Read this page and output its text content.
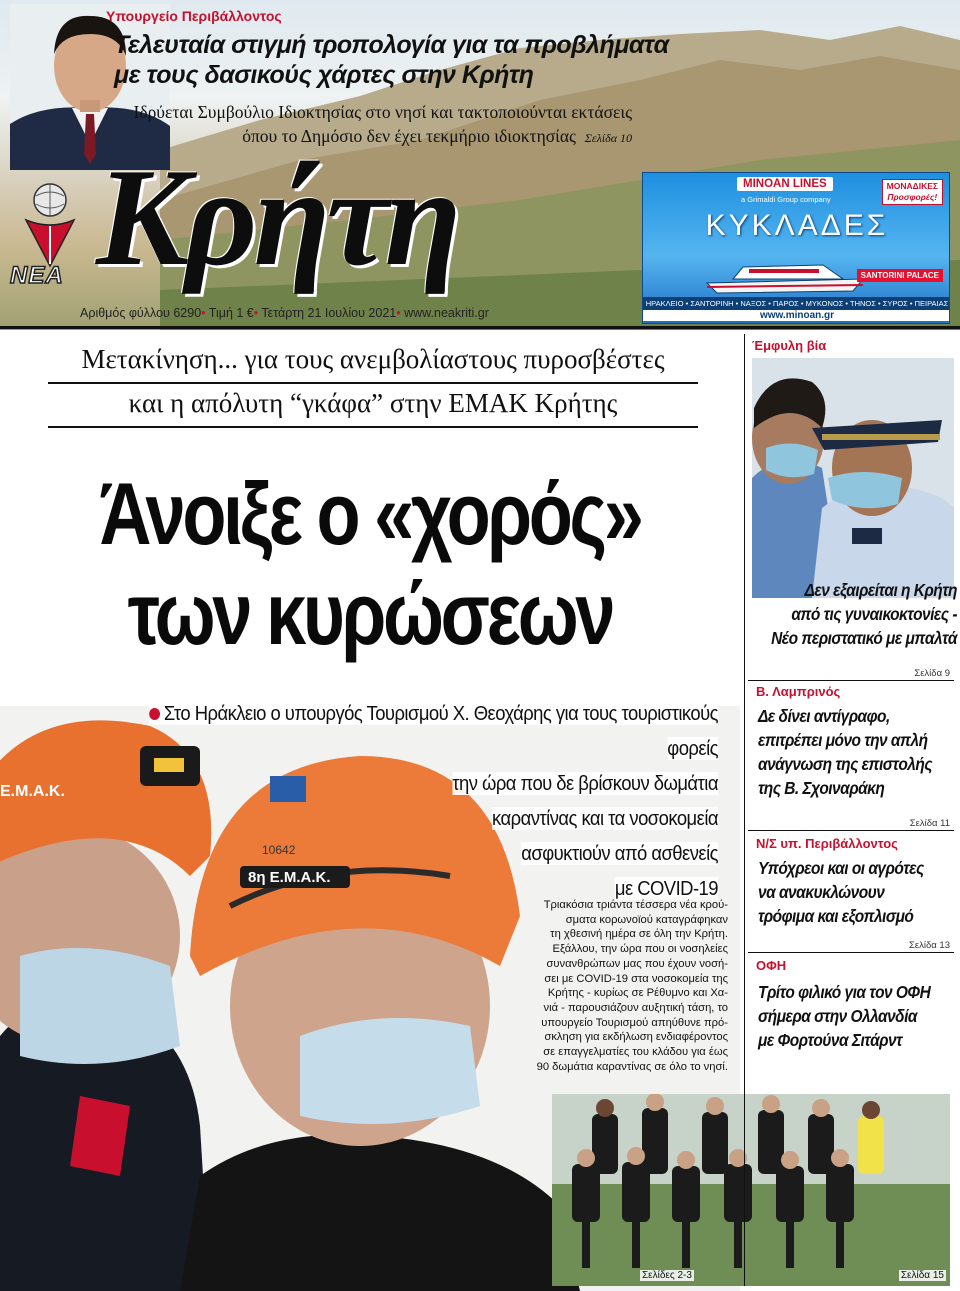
Υπουργείο Περιβάλλοντος
Τελευταία στιγμή τροπολογία για τα προβλήματα
με τους δασικούς χάρτες στην Κρήτη
Ιδρύεται Συμβούλιο Ιδιοκτησίας στο νησί και τακτοποιούνται εκτάσεις
όπου το Δημόσιο δεν έχει τεκμήριο ιδιοκτησίας Σελίδα 10
ΝΕΑ Κρήτη
Αριθμός φύλλου 6290• Τιμή 1 €• Τετάρτη 21 Ιουλίου 2021• www.neakriti.gr
MINOAN LINES
a Grimaldi Group company
ΜΟΝΑΔΙΚΕΣ
Προσφορές!
ΚΥΚΛΑΔΕΣ
SANTORINI PALACE
ΗΡΑΚΛΕΙΟ • ΣΑΝΤΟΡΙΝΗ • ΝΑΞΟΣ • ΠΑΡΟΣ • ΜΥΚΟΝΟΣ • ΤΗΝΟΣ • ΣΥΡΟΣ • ΠΕΙΡΑΙΑΣ
www.minoan.gr
Μετακίνηση... για τους ανεμβολίαστους πυροσβέστες
και η απόλυτη “γκάφα” στην ΕΜΑΚ Κρήτης
Άνοιξε ο «χορός»
των κυρώσεων
8η Ε.Μ.Α.Κ.
10642
Ε.Μ.Α.Κ.
Στο Ηράκλειο ο υπουργός Τουρισμού Χ. Θεοχάρης για τους τουριστικούς φορείς
την ώρα που δε βρίσκουν δωμάτια
καραντίνας και τα νοσοκομεία
ασφυκτιούν από ασθενείς
με COVID-19
Τριακόσια τριάντα τέσσερα νέα κρού-
σματα κορωνοϊού καταγράφηκαν
τη χθεσινή ημέρα σε όλη την Κρήτη.
Εξάλλου, την ώρα που οι νοσηλείες
συνανθρώπων μας που έχουν νοσή-
σει με COVID-19 στα νοσοκομεία της
Κρήτης - κυρίως σε Ρέθυμνο και Χα-
νιά - παρουσιάζουν αυξητική τάση, το
υπουργείο Τουρισμού απηύθυνε πρό-
σκληση για εκδήλωση ενδιαφέροντος
σε επαγγελματίες του κλάδου για έως
90 δωμάτια καραντίνας σε όλο το νησί.
Σελίδες 2-3	Σελίδα 15
Έμφυλη βία
Δεν εξαιρείται η Κρήτη
από τις γυναικοκτονίες -
Νέο περιστατικό με μπαλτά
Σελίδα 9
Β. Λαμπρινός
Δε δίνει αντίγραφο,
επιτρέπει μόνο την απλή
ανάγνωση της επιστολής
της Β. Σχοιναράκη
Σελίδα 11
Ν/Σ υπ. Περιβάλλοντος
Υπόχρεοι και οι αγρότες
να ανακυκλώνουν
τρόφιμα και εξοπλισμό
Σελίδα 13
ΟΦΗ
Τρίτο φιλικό για τον ΟΦΗ
σήμερα στην Ολλανδία
με Φορτούνα Σιτάρντ
